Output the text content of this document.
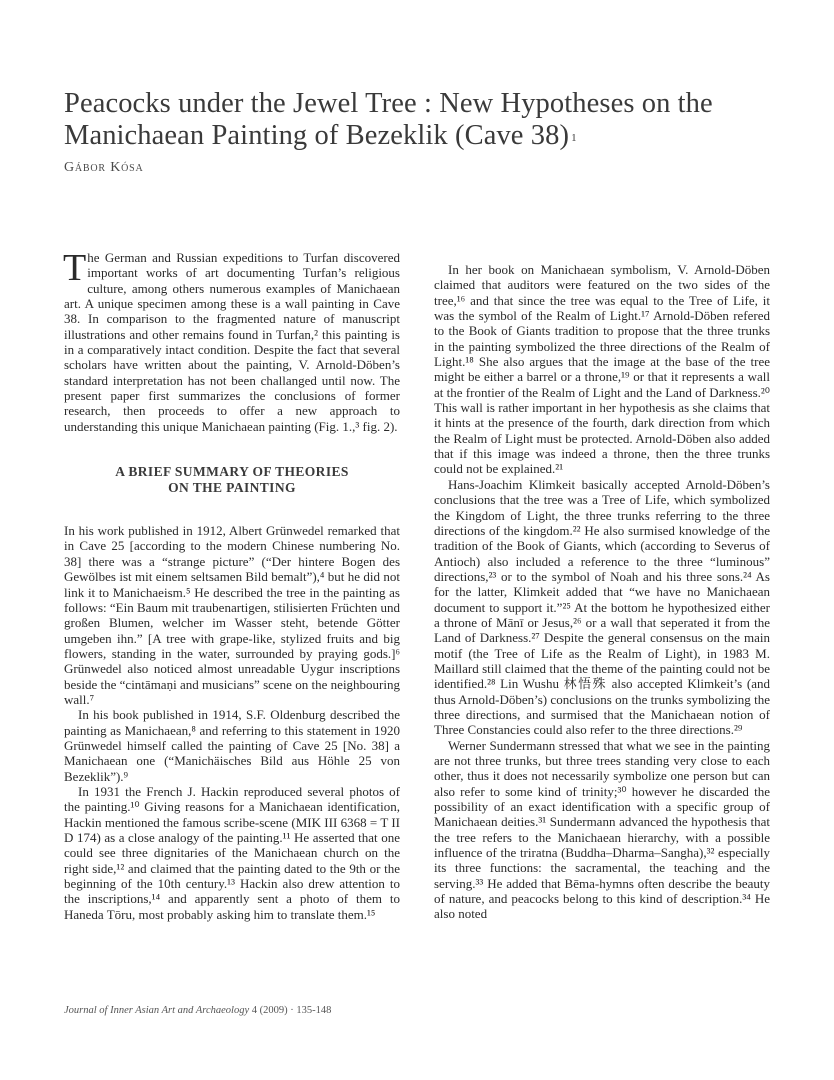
Peacocks under the Jewel Tree : New Hypotheses on the Manichaean Painting of Bezeklik (Cave 38) $^1$

Gábor Kósa

The German and Russian expeditions to Turfan discovered important works of art documenting Turfan’s religious culture, among others numerous examples of Manichaean art. A unique specimen among these is a wall painting in Cave 38. In comparison to the fragmented nature of manuscript illustrations and other remains found in Turfan,² this painting is in a comparatively intact condition. Despite the fact that several scholars have written about the painting, V. Arnold-Döben’s standard interpretation has not been challanged until now. The present paper first summarizes the conclusions of former research, then proceeds to offer a new approach to understanding this unique Manichaean painting (Fig. 1.,³ fig. 2).

A BRIEF SUMMARY OF THEORIES
ON THE PAINTING

In his work published in 1912, Albert Grünwedel remarked that in Cave 25 [according to the modern Chinese numbering No. 38] there was a “strange picture” (“Der hintere Bogen des Gewölbes ist mit einem seltsamen Bild bemalt”),⁴ but he did not link it to Manichaeism.⁵ He described the tree in the painting as follows: “Ein Baum mit traubenartigen, stilisierten Früchten und großen Blumen, welcher im Wasser steht, betende Götter umgeben ihn.” [A tree with grape-like, stylized fruits and big flowers, standing in the water, surrounded by praying gods.]⁶ Grünwedel also noticed almost unreadable Uygur inscriptions beside the “cintāmaṇi and musicians” scene on the neighbouring wall.⁷

In his book published in 1914, S.F. Oldenburg described the painting as Manichaean,⁸ and referring to this statement in 1920 Grünwedel himself called the painting of Cave 25 [No. 38] a Manichaean one (“Manichäisches Bild aus Höhle 25 von Bezeklik”).⁹

In 1931 the French J. Hackin reproduced several photos of the painting.¹⁰ Giving reasons for a Manichaean identification, Hackin mentioned the famous scribe-scene (MIK III 6368 = T II D 174) as a close analogy of the painting.¹¹ He asserted that one could see three dignitaries of the Manichaean church on the right side,¹² and claimed that the painting dated to the 9th or the beginning of the 10th century.¹³ Hackin also drew attention to the inscriptions,¹⁴ and apparently sent a photo of them to Haneda Tōru, most probably asking him to translate them.¹⁵

In her book on Manichaean symbolism, V. Arnold-Döben claimed that auditors were featured on the two sides of the tree,¹⁶ and that since the tree was equal to the Tree of Life, it was the symbol of the Realm of Light.¹⁷ Arnold-Döben refered to the Book of Giants tradition to propose that the three trunks in the painting symbolized the three directions of the Realm of Light.¹⁸ She also argues that the image at the base of the tree might be either a barrel or a throne,¹⁹ or that it represents a wall at the frontier of the Realm of Light and the Land of Darkness.²⁰ This wall is rather important in her hypothesis as she claims that it hints at the presence of the fourth, dark direction from which the Realm of Light must be protected. Arnold-Döben also added that if this image was indeed a throne, then the three trunks could not be explained.²¹

Hans-Joachim Klimkeit basically accepted Arnold-Döben’s conclusions that the tree was a Tree of Life, which symbolized the Kingdom of Light, the three trunks referring to the three directions of the kingdom.²² He also surmised knowledge of the tradition of the Book of Giants, which (according to Severus of Antioch) also included a reference to the three “luminous” directions,²³ or to the symbol of Noah and his three sons.²⁴ As for the latter, Klimkeit added that “we have no Manichaean document to support it.”²⁵ At the bottom he hypothesized either a throne of Mānī or Jesus,²⁶ or a wall that seperated it from the Land of Darkness.²⁷ Despite the general consensus on the main motif (the Tree of Life as the Realm of Light), in 1983 M. Maillard still claimed that the theme of the painting could not be identified.²⁸ Lin Wushu 林悟殊 also accepted Klimkeit’s (and thus Arnold-Döben’s) conclusions on the trunks symbolizing the three directions, and surmised that the Manichaean notion of Three Constancies could also refer to the three directions.²⁹

Werner Sundermann stressed that what we see in the painting are not three trunks, but three trees standing very close to each other, thus it does not necessarily symbolize one person but can also refer to some kind of trinity;³⁰ however he discarded the possibility of an exact identification with a specific group of Manichaean deities.³¹ Sundermann advanced the hypothesis that the tree refers to the Manichaean hierarchy, with a possible influence of the triratna (Buddha–Dharma–Sangha),³² especially its three functions: the sacramental, the teaching and the serving.³³ He added that Bēma-hymns often describe the beauty of nature, and peacocks belong to this kind of description.³⁴ He also noted

Journal of Inner Asian Art and Archaeology 4 (2009) · 135-148
